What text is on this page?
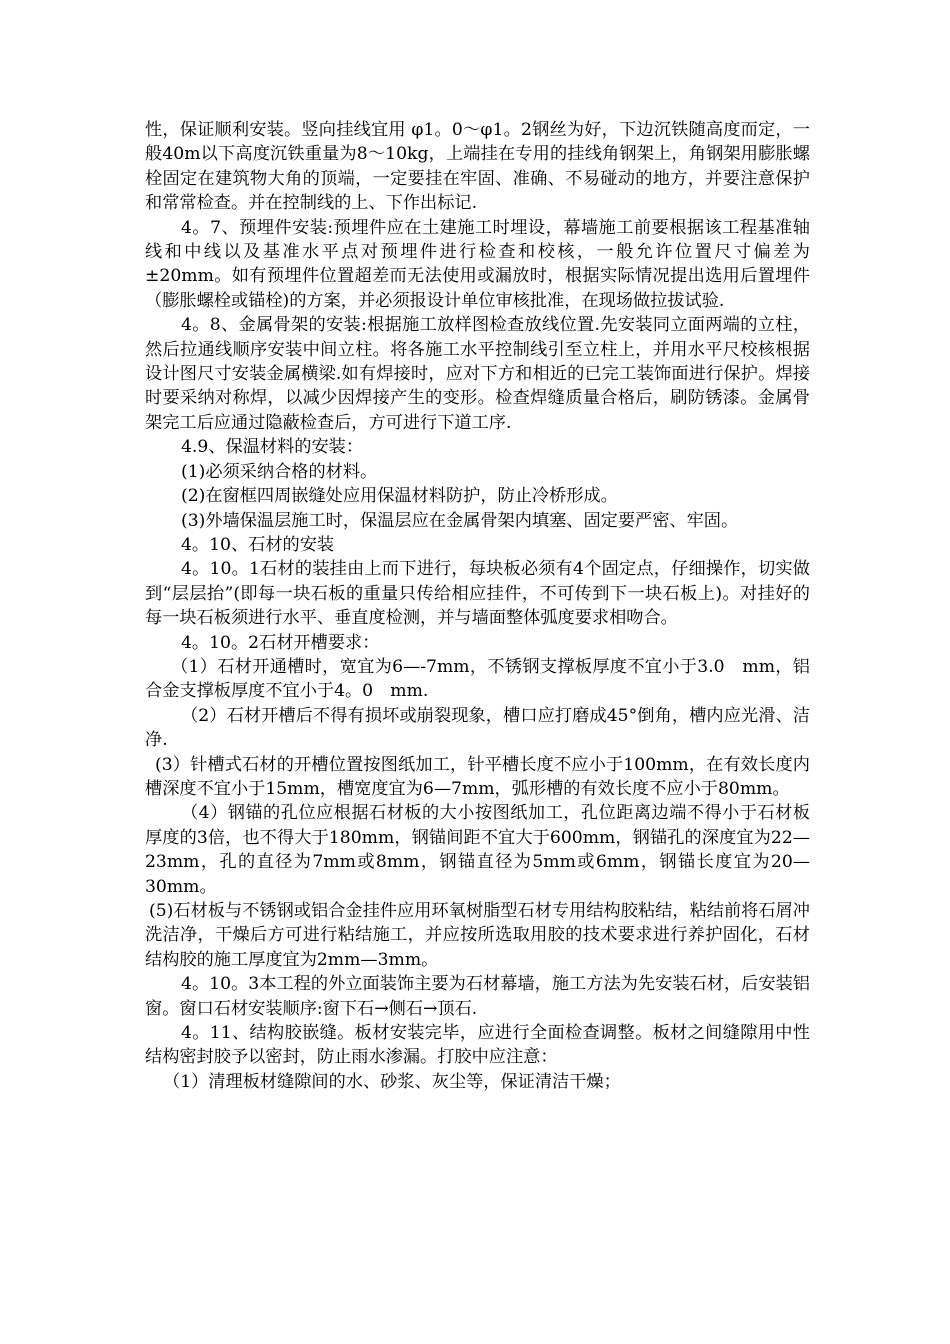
性，保证顺利安装。竖向挂线宜用 φ1。0～φ1。2钢丝为好，下边沉铁随高度而定，一般40m以下高度沉铁重量为8～10kg，上端挂在专用的挂线角钢架上，角钢架用膨胀螺栓固定在建筑物大角的顶端，一定要挂在牢固、准确、不易碰动的地方，并要注意保护和常常检查。并在控制线的上、下作出标记.

4。7、预埋件安装:预埋件应在土建施工时埋设，幕墙施工前要根据该工程基准轴线和中线以及基准水平点对预埋件进行检查和校核，一般允许位置尺寸偏差为±20mm。如有预埋件位置超差而无法使用或漏放时，根据实际情况提出选用后置埋件（膨胀螺栓或锚栓)的方案，并必须报设计单位审核批准，在现场做拉拔试验.

4。8、金属骨架的安装:根据施工放样图检查放线位置.先安装同立面两端的立柱，然后拉通线顺序安装中间立柱。将各施工水平控制线引至立柱上，并用水平尺校核根据设计图尺寸安装金属横梁.如有焊接时，应对下方和相近的已完工装饰面进行保护。焊接时要采纳对称焊，以减少因焊接产生的变形。检查焊缝质量合格后，刷防锈漆。金属骨架完工后应通过隐蔽检查后，方可进行下道工序.

4.9、保温材料的安装：

(1)必须采纳合格的材料。

(2)在窗框四周嵌缝处应用保温材料防护，防止冷桥形成。

(3)外墙保温层施工时，保温层应在金属骨架内填塞、固定要严密、牢固。

4。10、石材的安装

4。10。1石材的装挂由上而下进行，每块板必须有4个固定点，仔细操作，切实做到“层层抬”(即每一块石板的重量只传给相应挂件，不可传到下一块石板上)。对挂好的每一块石板须进行水平、垂直度检测，并与墙面整体弧度要求相吻合。

4。10。2石材开槽要求：

（1）石材开通槽时，宽宜为6—-7mm，不锈钢支撑板厚度不宜小于3.0　mm，铝合金支撑板厚度不宜小于4。0　mm.

（2）石材开槽后不得有损坏或崩裂现象，槽口应打磨成45°倒角，槽内应光滑、洁净.

(3）针槽式石材的开槽位置按图纸加工，针平槽长度不应小于100mm，在有效长度内槽深度不宜小于15mm，槽宽度宜为6—7mm，弧形槽的有效长度不应小于80mm。

（4）钢锚的孔位应根据石材板的大小按图纸加工，孔位距离边端不得小于石材板厚度的3倍，也不得大于180mm，钢锚间距不宜大于600mm，钢锚孔的深度宜为22—23mm，孔的直径为7mm或8mm，钢锚直径为5mm或6mm，钢锚长度宜为20—30mm。

(5)石材板与不锈钢或铝合金挂件应用环氧树脂型石材专用结构胶粘结，粘结前将石屑冲洗洁净，干燥后方可进行粘结施工，并应按所选取用胶的技术要求进行养护固化，石材结构胶的施工厚度宜为2mm—3mm。

4。10。3本工程的外立面装饰主要为石材幕墙，施工方法为先安装石材，后安装铝窗。窗口石材安装顺序:窗下石→侧石→顶石.

4。11、结构胶嵌缝。板材安装完毕，应进行全面检查调整。板材之间缝隙用中性结构密封胶予以密封，防止雨水渗漏。打胶中应注意：

（1）清理板材缝隙间的水、砂浆、灰尘等，保证清洁干燥；
